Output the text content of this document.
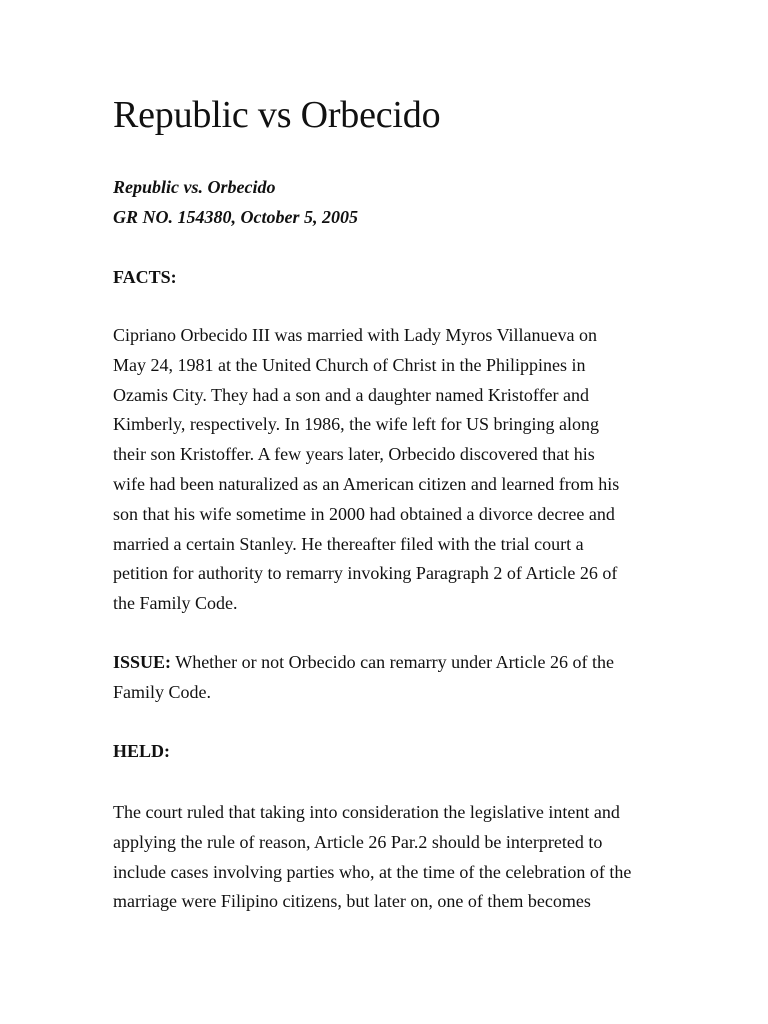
Republic vs Orbecido
Republic vs. Orbecido
GR NO. 154380, October 5, 2005
FACTS:
Cipriano Orbecido III was married with Lady Myros Villanueva on
May 24, 1981 at the United Church of Christ in the Philippines in
Ozamis City. They had a son and a daughter named Kristoffer and
Kimberly, respectively. In 1986, the wife left for US bringing along
their son Kristoffer. A few years later, Orbecido discovered that his
wife had been naturalized as an American citizen and learned from his
son that his wife sometime in 2000 had obtained a divorce decree and
married a certain Stanley. He thereafter filed with the trial court a
petition for authority to remarry invoking Paragraph 2 of Article 26 of
the Family Code.
ISSUE: Whether or not Orbecido can remarry under Article 26 of the
Family Code.
HELD:
The court ruled that taking into consideration the legislative intent and
applying the rule of reason, Article 26 Par.2 should be interpreted to
include cases involving parties who, at the time of the celebration of the
marriage were Filipino citizens, but later on, one of them becomes
